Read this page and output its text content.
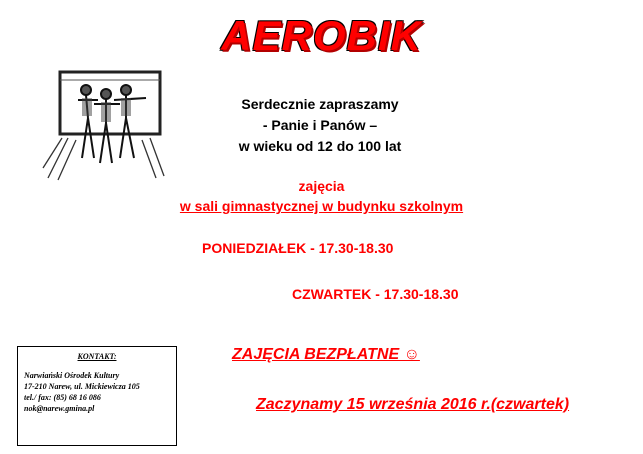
AEROBIK
Serdecznie zapraszamy
- Panie i Panów –
w wieku od 12 do 100 lat
zajęcia
w sali gimnastycznej w budynku szkolnym
PONIEDZIAŁEK - 17.30-18.30
CZWARTEK - 17.30-18.30
ZAJĘCIA BEZPŁATNE ☺
Zaczynamy 15 września 2016 r.(czwartek)
KONTAKT:
Narwiański Ośrodek Kultury
17-210 Narew, ul. Mickiewicza 105
tel./ fax: (85) 68 16 086
nok@narew.gmina.pl
